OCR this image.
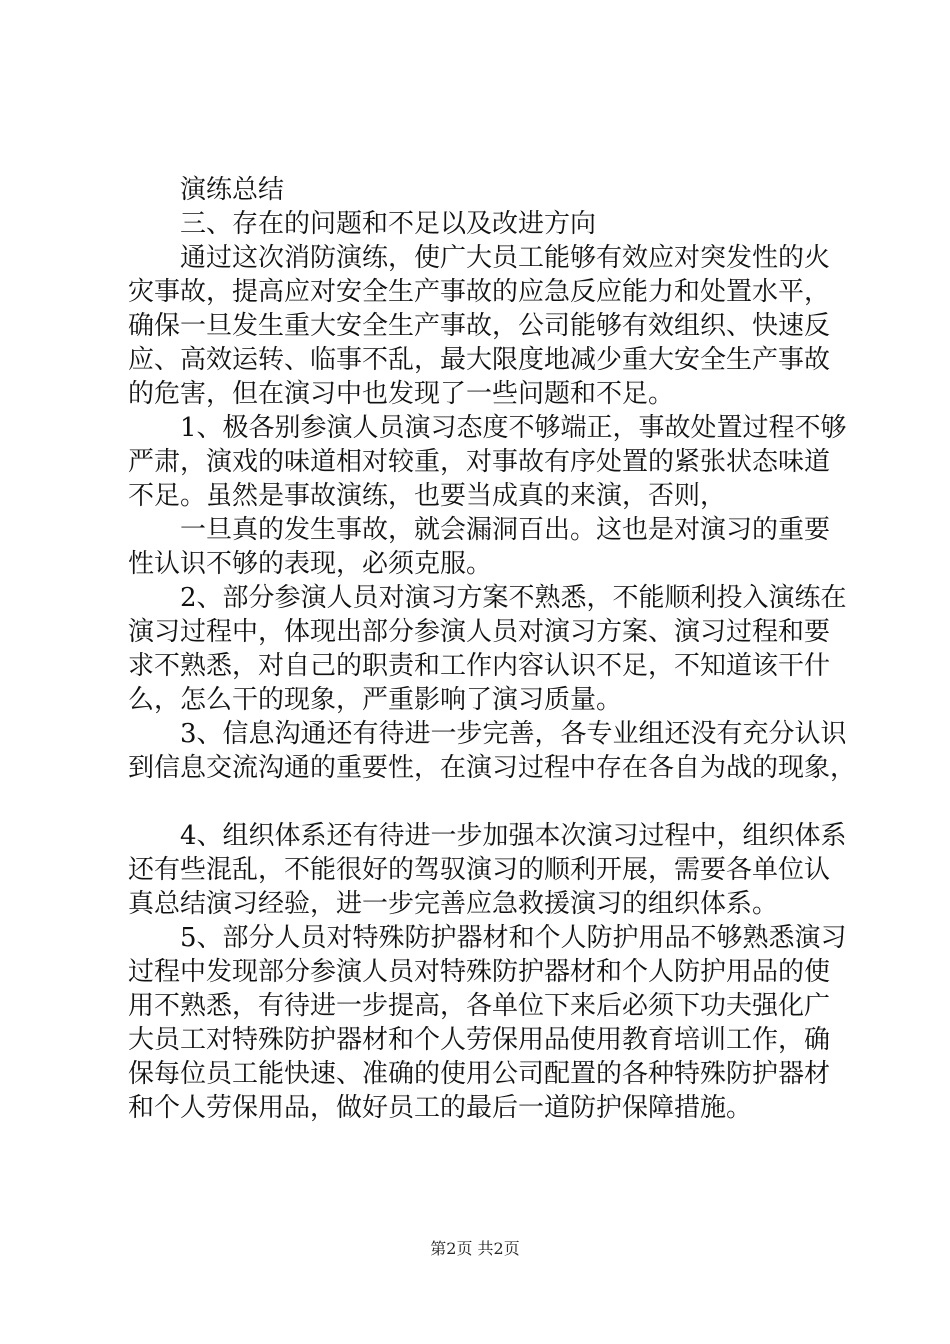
演练总结

三、存在的问题和不足以及改进方向

通过这次消防演练，使广大员工能够有效应对突发性的火

灾事故，提高应对安全生产事故的应急反应能力和处置水平，

确保一旦发生重大安全生产事故，公司能够有效组织、快速反

应、高效运转、临事不乱，最大限度地减少重大安全生产事故

的危害，但在演习中也发现了一些问题和不足。

1、极各别参演人员演习态度不够端正，事故处置过程不够

严肃，演戏的味道相对较重，对事故有序处置的紧张状态味道

不足。虽然是事故演练，也要当成真的来演，否则，

一旦真的发生事故，就会漏洞百出。这也是对演习的重要

性认识不够的表现，必须克服。

2、部分参演人员对演习方案不熟悉，不能顺利投入演练在

演习过程中，体现出部分参演人员对演习方案、演习过程和要

求不熟悉，对自己的职责和工作内容认识不足，不知道该干什

么，怎么干的现象，严重影响了演习质量。

3、信息沟通还有待进一步完善，各专业组还没有充分认识

到信息交流沟通的重要性，在演习过程中存在各自为战的现象，

4、组织体系还有待进一步加强本次演习过程中，组织体系

还有些混乱，不能很好的驾驭演习的顺利开展，需要各单位认

真总结演习经验，进一步完善应急救援演习的组织体系。

5、部分人员对特殊防护器材和个人防护用品不够熟悉演习

过程中发现部分参演人员对特殊防护器材和个人防护用品的使

用不熟悉，有待进一步提高，各单位下来后必须下功夫强化广

大员工对特殊防护器材和个人劳保用品使用教育培训工作，确

保每位员工能快速、准确的使用公司配置的各种特殊防护器材

和个人劳保用品，做好员工的最后一道防护保障措施。

第2页 共2页
